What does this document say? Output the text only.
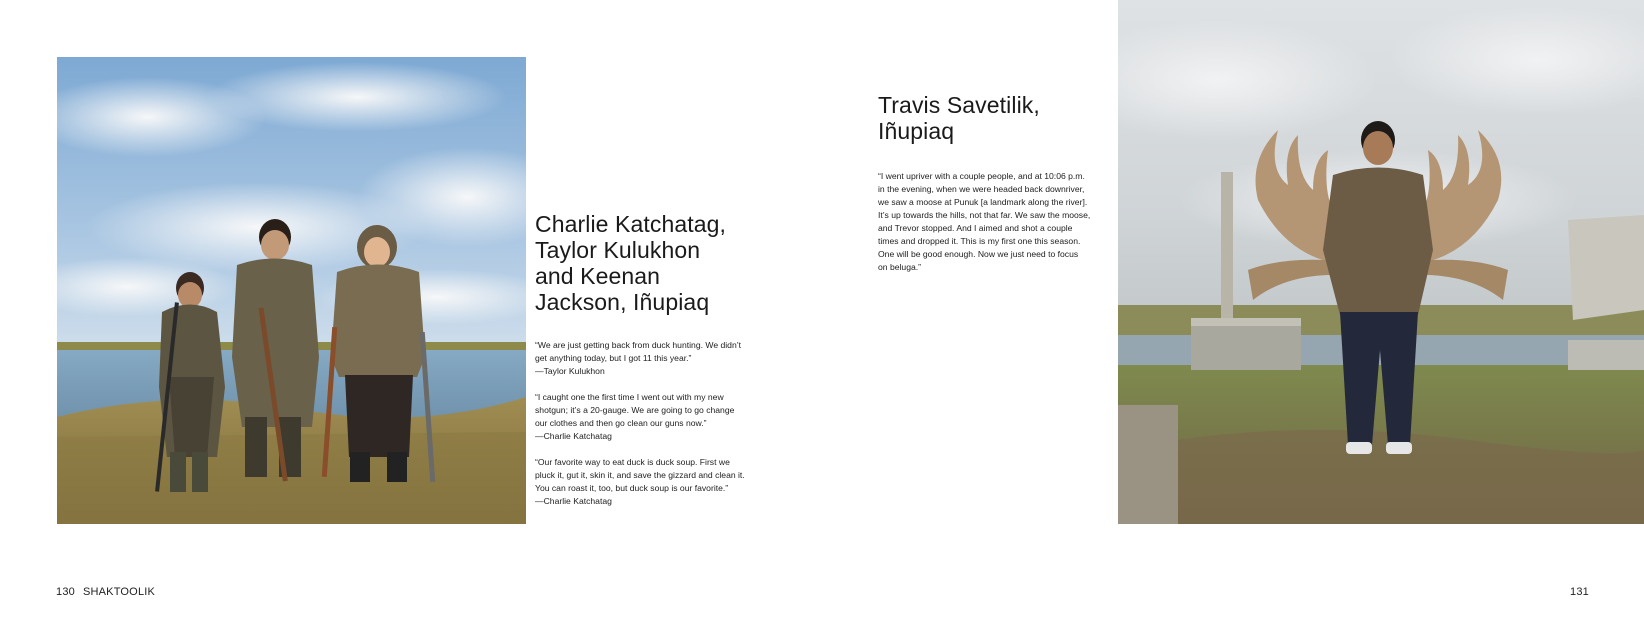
Charlie Katchatag,
Taylor Kulukhon
and Keenan
Jackson, Iñupiaq

“We are just getting back from duck hunting. We didn’t
get anything today, but I got 11 this year.”
—Taylor Kulukhon

“I caught one the first time I went out with my new
shotgun; it’s a 20-gauge. We are going to go change
our clothes and then go clean our guns now.”
—Charlie Katchatag

“Our favorite way to eat duck is duck soup. First we
pluck it, gut it, skin it, and save the gizzard and clean it.
You can roast it, too, but duck soup is our favorite.”
—Charlie Katchatag

Travis Savetilik,
Iñupiaq

“I went upriver with a couple people, and at 10:06 p.m.
in the evening, when we were headed back downriver,
we saw a moose at Punuk [a landmark along the river].
It’s up towards the hills, not that far. We saw the moose,
and Trevor stopped. And I aimed and shot a couple
times and dropped it. This is my first one this season.
One will be good enough. Now we just need to focus
on beluga.”

130 SHAKTOOLIK	131
